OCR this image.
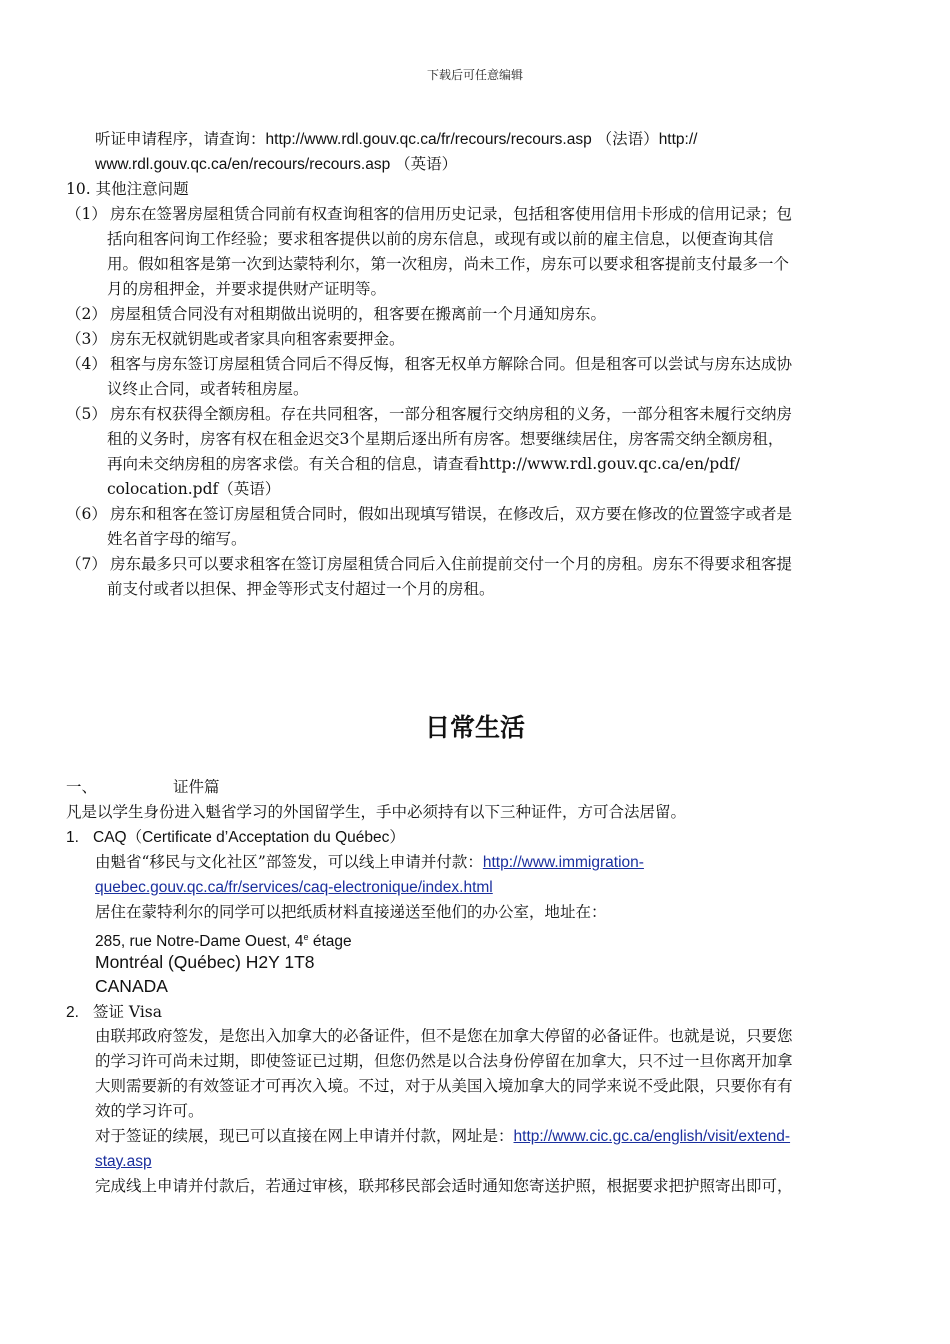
下载后可任意编辑
听证申请程序，请查询：http://www.rdl.gouv.qc.ca/fr/recours/recours.asp （法语）http://
www.rdl.gouv.qc.ca/en/recours/recours.asp （英语）
10. 其他注意问题
（1） 房东在签署房屋租赁合同前有权查询租客的信用历史记录，包括租客使用信用卡形成的信用记录；包
括向租客问询工作经验；要求租客提供以前的房东信息，或现有或以前的雇主信息，以便查询其信
用。假如租客是第一次到达蒙特利尔，第一次租房，尚未工作，房东可以要求租客提前支付最多一个
月的房租押金，并要求提供财产证明等。
（2） 房屋租赁合同没有对租期做出说明的，租客要在搬离前一个月通知房东。
（3） 房东无权就钥匙或者家具向租客索要押金。
（4） 租客与房东签订房屋租赁合同后不得反悔，租客无权单方解除合同。但是租客可以尝试与房东达成协
议终止合同，或者转租房屋。
（5） 房东有权获得全额房租。存在共同租客，一部分租客履行交纳房租的义务，一部分租客未履行交纳房
租的义务时，房客有权在租金迟交3个星期后逐出所有房客。想要继续居住，房客需交纳全额房租，
再向未交纳房租的房客求偿。有关合租的信息，请查看http://www.rdl.gouv.qc.ca/en/pdf/
colocation.pdf（英语）
（6） 房东和租客在签订房屋租赁合同时，假如出现填写错误，在修改后，双方要在修改的位置签字或者是
姓名首字母的缩写。
（7） 房东最多只可以要求租客在签订房屋租赁合同后入住前提前交付一个月的房租。房东不得要求租客提
前支付或者以担保、押金等形式支付超过一个月的房租。
日常生活
一、	证件篇
凡是以学生身份进入魁省学习的外国留学生，手中必须持有以下三种证件，方可合法居留。
1. CAQ（Certificate d’Acceptation du Québec）
由魁省“移民与文化社区”部签发，可以线上申请并付款：http://www.immigration-
quebec.gouv.qc.ca/fr/services/caq-electronique/index.html
居住在蒙特利尔的同学可以把纸质材料直接递送至他们的办公室，地址在：
285, rue Notre-Dame Ouest, 4e étage
Montréal (Québec) H2Y 1T8
CANADA
2. 签证 Visa
由联邦政府签发，是您出入加拿大的必备证件，但不是您在加拿大停留的必备证件。也就是说，只要您
的学习许可尚未过期，即使签证已过期，但您仍然是以合法身份停留在加拿大，只不过一旦你离开加拿
大则需要新的有效签证才可再次入境。不过，对于从美国入境加拿大的同学来说不受此限，只要你有有
效的学习许可。
对于签证的续展，现已可以直接在网上申请并付款，网址是：http://www.cic.gc.ca/english/visit/extend-
stay.asp
完成线上申请并付款后，若通过审核，联邦移民部会适时通知您寄送护照，根据要求把护照寄出即可，
